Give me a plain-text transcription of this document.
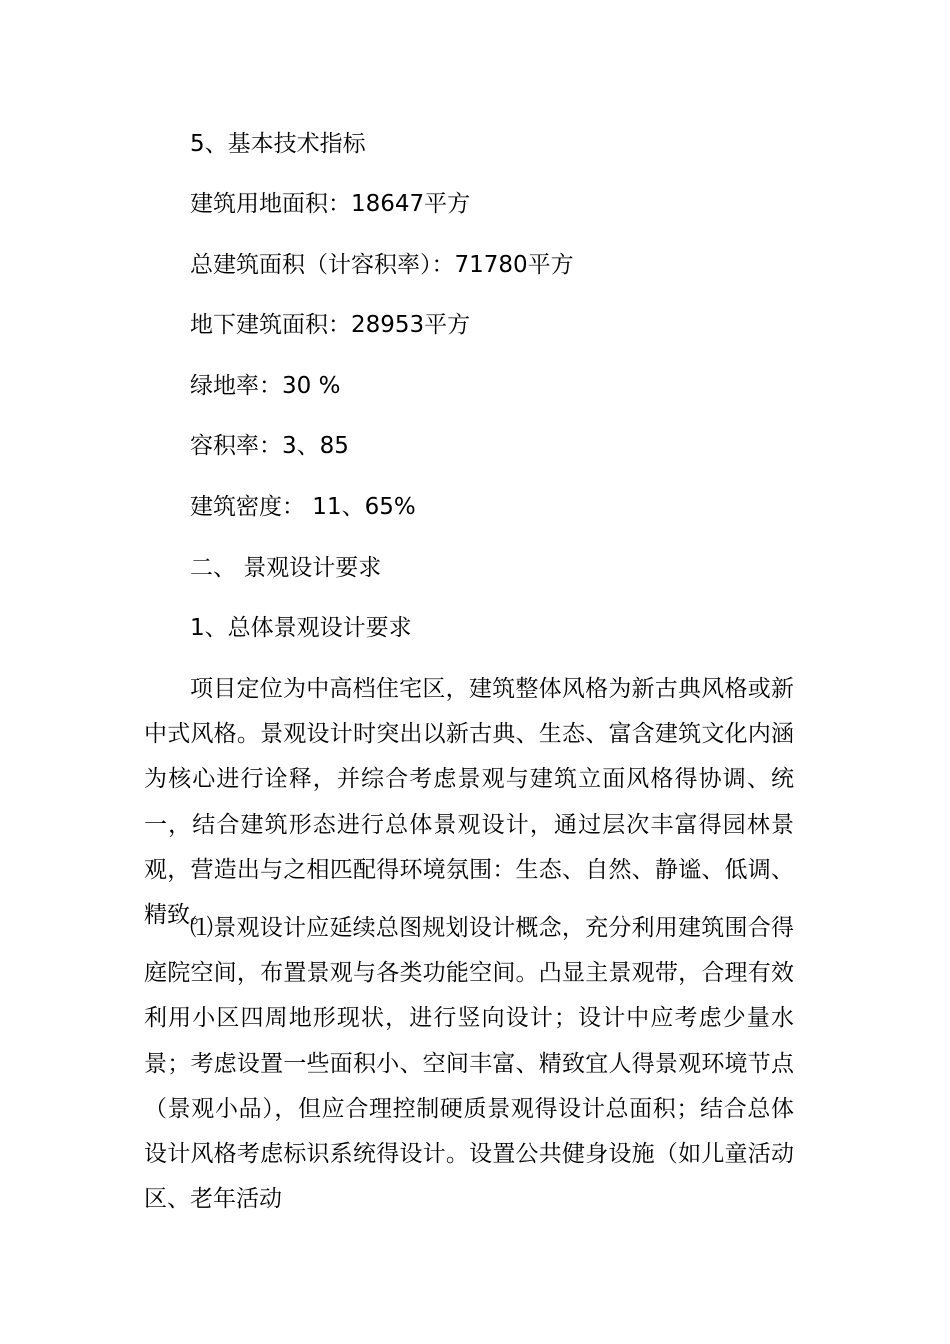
5、基本技术指标
建筑用地面积：18647平方
总建筑面积（计容积率）：71780平方
地下建筑面积：28953平方
绿地率：30 %
容积率：3、85
建筑密度： 11、65%
二、 景观设计要求
1、总体景观设计要求

项目定位为中高档住宅区，建筑整体风格为新古典风格或新中式风格。景观设计时突出以新古典、生态、富含建筑文化内涵为核心进行诠释，并综合考虑景观与建筑立面风格得协调、统一，结合建筑形态进行总体景观设计，通过层次丰富得园林景观，营造出与之相匹配得环境氛围：生态、自然、静谧、低调、精致。

⑴景观设计应延续总图规划设计概念，充分利用建筑围合得庭院空间，布置景观与各类功能空间。凸显主景观带，合理有效利用小区四周地形现状，进行竖向设计；设计中应考虑少量水景；考虑设置一些面积小、空间丰富、精致宜人得景观环境节点（景观小品），但应合理控制硬质景观得设计总面积；结合总体设计风格考虑标识系统得设计。设置公共健身设施（如儿童活动区、老年活动
